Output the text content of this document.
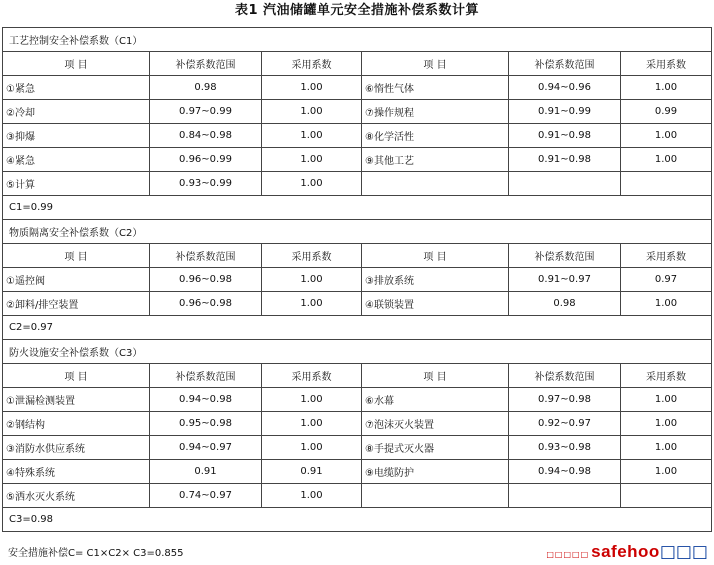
表1 汽油储罐单元安全措施补偿系数计算
工艺控制安全补偿系数（C1）					
项 目	补偿系数范围	采用系数	项 目	补偿系数范围	采用系数
①紧急	0.98	1.00	⑥惰性气体	0.94~0.96	1.00
②冷却	0.97~0.99	1.00	⑦操作规程	0.91~0.99	0.99
③抑爆	0.84~0.98	1.00	⑧化学活性	0.91~0.98	1.00
④紧急	0.96~0.99	1.00	⑨其他工艺	0.91~0.98	1.00
⑤计算	0.93~0.99	1.00			
C1=0.99					
物质隔离安全补偿系数（C2）					
项 目	补偿系数范围	采用系数	项 目	补偿系数范围	采用系数
①遥控阀	0.96~0.98	1.00	③排放系统	0.91~0.97	0.97
②卸料/排空装置	0.96~0.98	1.00	④联锁装置	0.98	1.00
C2=0.97					
防火设施安全补偿系数（C3）					
项 目	补偿系数范围	采用系数	项 目	补偿系数范围	采用系数
①泄漏检测装置	0.94~0.98	1.00	⑥水幕	0.97~0.98	1.00
②钢结构	0.95~0.98	1.00	⑦泡沫灭火装置	0.92~0.97	1.00
③消防水供应系统	0.94~0.97	1.00	⑧手提式灭火器	0.93~0.98	1.00
④特殊系统	0.91	0.91	⑨电缆防护	0.94~0.98	1.00
⑤洒水灭火系统	0.74~0.97	1.00			
C3=0.98					
安全措施补偿C= C1×C2× C3=0.855	□□□□□ safehoo□□□
